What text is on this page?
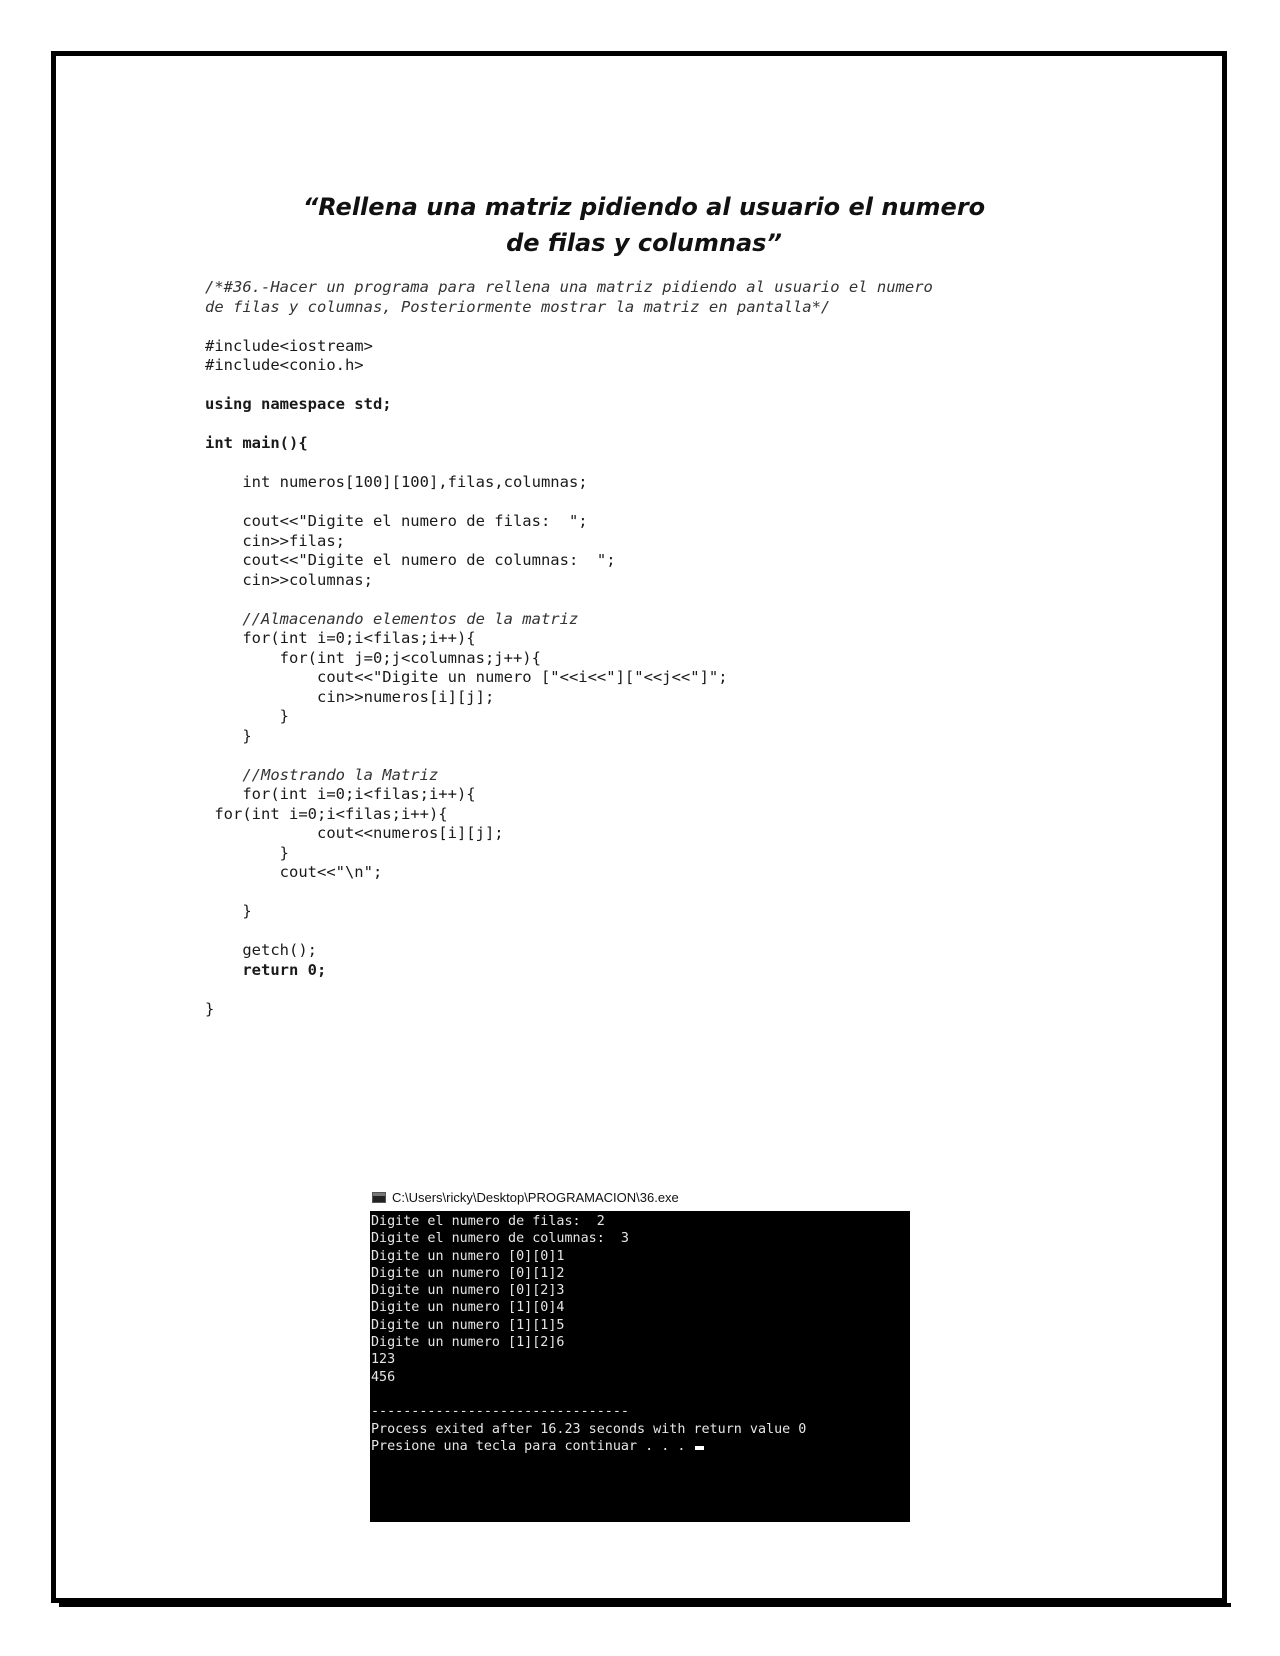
“Rellena una matriz pidiendo al usuario el numero
de filas y columnas”
/*#36.-Hacer un programa para rellena una matriz pidiendo al usuario el numero
de filas y columnas, Posteriormente mostrar la matriz en pantalla*/
#include<iostream>
#include<conio.h>
using namespace std;
int main(){
int numeros[100][100],filas,columnas;
cout<<"Digite el numero de filas:  ";
cin>>filas;
cout<<"Digite el numero de columnas:  ";
cin>>columnas;
//Almacenando elementos de la matriz
for(int i=0;i<filas;i++){
for(int j=0;j<columnas;j++){
cout<<"Digite un numero ["<<i<<"]["<<j<<"]";
cin>>numeros[i][j];
}
}
//Mostrando la Matriz
for(int i=0;i<filas;i++){
for(int i=0;i<filas;i++){
cout<<numeros[i][j];
}
cout<<"\n";
}
getch();
return 0;
}
C:\Users\ricky\Desktop\PROGRAMACION\36.exe
Digite el numero de filas:  2
Digite el numero de columnas:  3
Digite un numero [0][0]1
Digite un numero [0][1]2
Digite un numero [0][2]3
Digite un numero [1][0]4
Digite un numero [1][1]5
Digite un numero [1][2]6
123
456
--------------------------------
Process exited after 16.23 seconds with return value 0
Presione una tecla para continuar . . .
